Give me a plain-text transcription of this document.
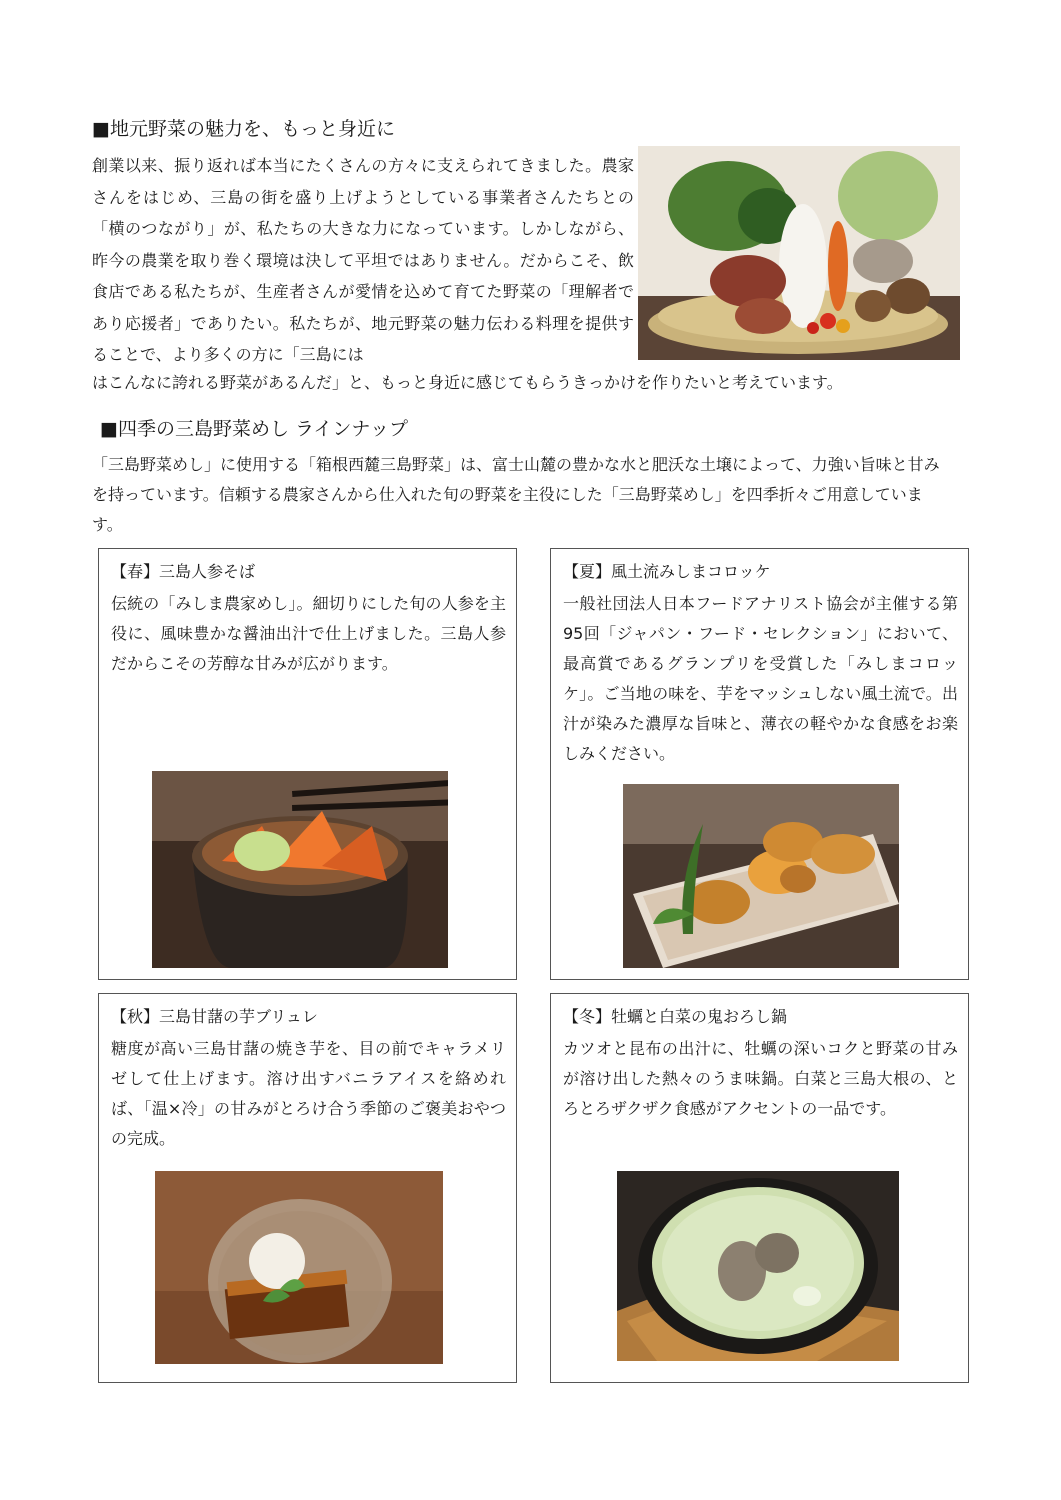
■地元野菜の魅力を、もっと身近に

創業以来、振り返れば本当にたくさんの方々に支えられてきました。農家さんをはじめ、三島の街を盛り上げようとしている事業者さんたちとの「横のつながり」が、私たちの大きな力になっています。しかしながら、昨今の農業を取り巻く環境は決して平坦ではありません。だからこそ、飲食店である私たちが、生産者さんが愛情を込めて育てた野菜の「理解者であり応援者」でありたい。私たちが、地元野菜の魅力伝わる料理を提供することで、より多くの方に「三島には

はこんなに誇れる野菜があるんだ」と、もっと身近に感じてもらうきっかけを作りたいと考えています。

■四季の三島野菜めし ラインナップ

「三島野菜めし」に使用する「箱根西麓三島野菜」は、富士山麓の豊かな水と肥沃な土壌によって、力強い旨味と甘みを持っています。信頼する農家さんから仕入れた旬の野菜を主役にした「三島野菜めし」を四季折々ご用意しています。

【春】三島人参そば

伝統の「みしま農家めし」。細切りにした旬の人参を主役に、風味豊かな醤油出汁で仕上げました。三島人参だからこその芳醇な甘みが広がります。

【夏】風土流みしまコロッケ

一般社団法人日本フードアナリスト協会が主催する第95回「ジャパン・フード・セレクション」において、最高賞であるグランプリを受賞した「みしまコロッケ」。ご当地の味を、芋をマッシュしない風土流で。出汁が染みた濃厚な旨味と、薄衣の軽やかな食感をお楽しみください。

【秋】三島甘藷の芋ブリュレ

糖度が高い三島甘藷の焼き芋を、目の前でキャラメリゼして仕上げます。溶け出すバニラアイスを絡めれば、「温×冷」の甘みがとろけ合う季節のご褒美おやつの完成。

【冬】牡蠣と白菜の鬼おろし鍋

カツオと昆布の出汁に、牡蠣の深いコクと野菜の甘みが溶け出した熱々のうま味鍋。白菜と三島大根の、とろとろザクザク食感がアクセントの一品です。
